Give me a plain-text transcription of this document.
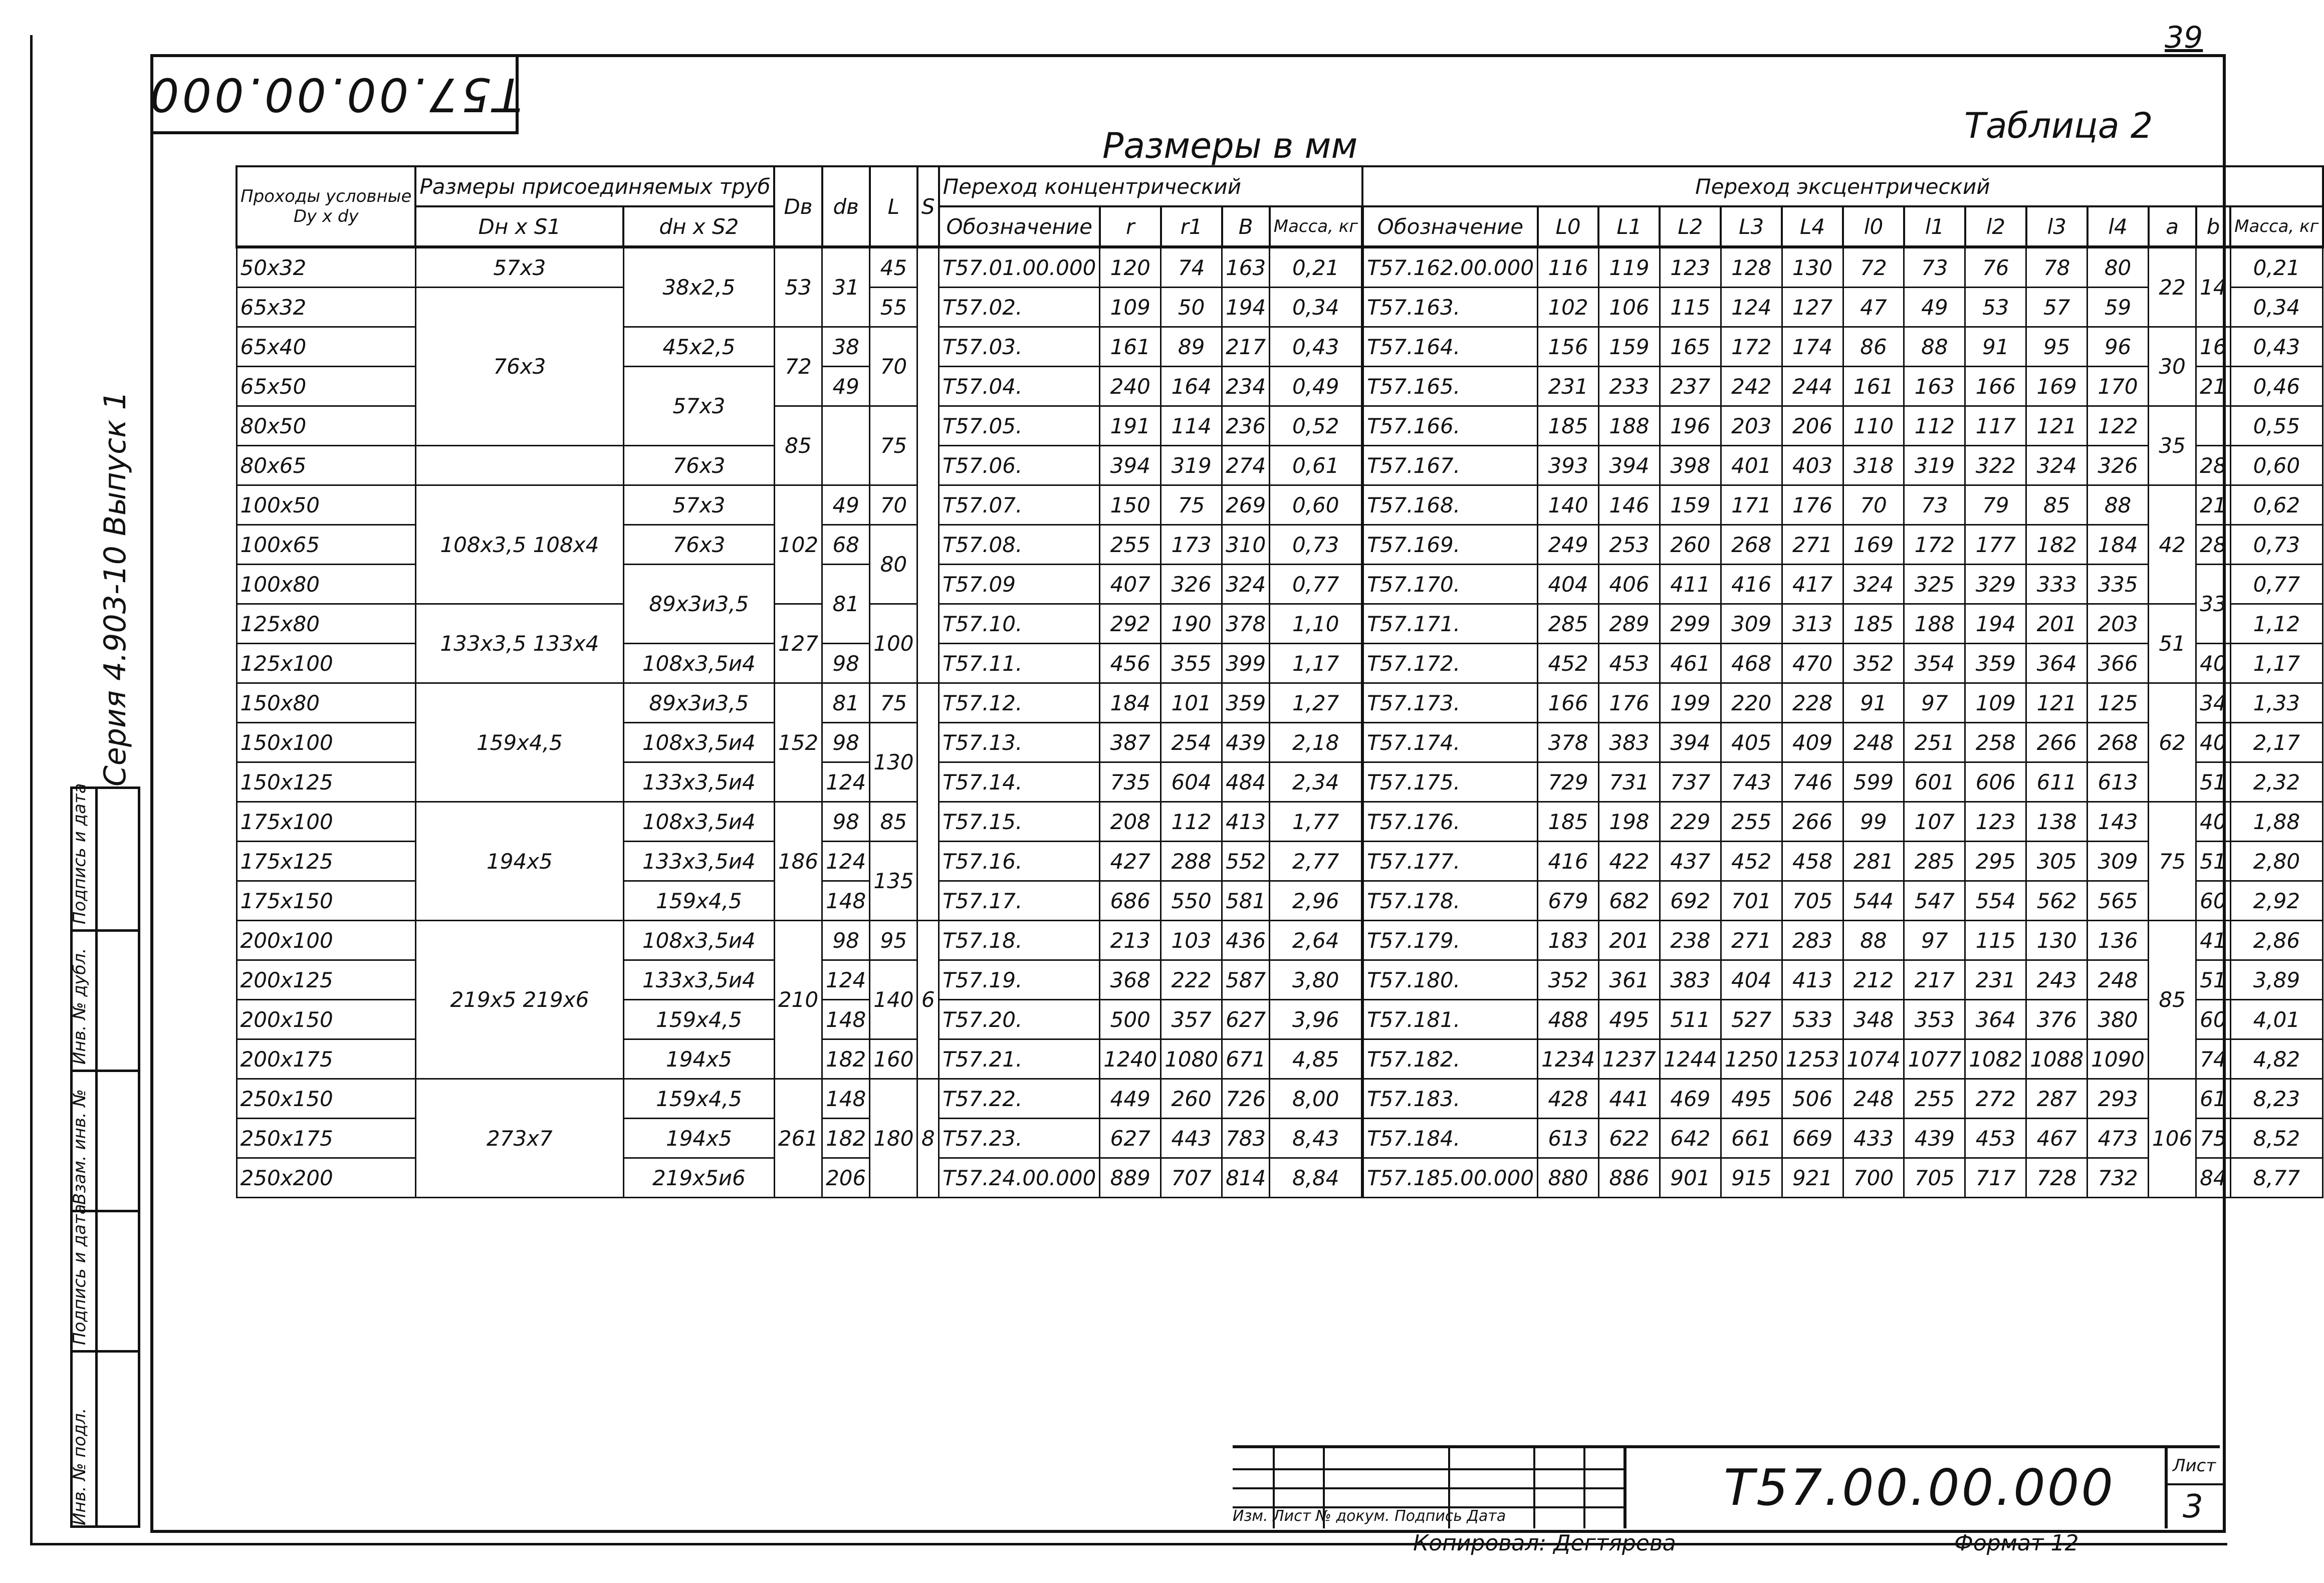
39
T57.00.00.000
Таблица 2
Размеры в мм
Инв. № подл.
Подпись и дата
Взам. инв. №
Инв. № дубл.
Подпись и дата
Серия 4.903-10 Выпуск 1
Проходы условные
Dy x dy	Размеры присоединяемых труб		Dв	dв	L	S	Переход концентрический					Переход эксцентрический													
	Dн x S1	dн x S2					Обозначение	r	r1	B	Масса, кг	Обозначение	L0	L1	L2	L3	L4	l0	l1	l2	l3	l4	a	b	Масса, кг
50x32	57x3	38x2,5	53	31	45		T57.01.00.000	120	74	163	0,21	T57.162.00.000	116	119	123	128	130	72	73	76	78	80	22	14	0,21
65x32	76x3				55		T57.02.	109	50	194	0,34	T57.163.	102	106	115	124	127	47	49	53	57	59			0,34
65x40		45x2,5	72	38	70		T57.03.	161	89	217	0,43	T57.164.	156	159	165	172	174	86	88	91	95	96	30	16	0,43
65x50		57x3		49			T57.04.	240	164	234	0,49	T57.165.	231	233	237	242	244	161	163	166	169	170		21	0,46
80x50			85		75		T57.05.	191	114	236	0,52	T57.166.	185	188	196	203	206	110	112	117	121	122	35		0,55
80x65		76x3					T57.06.	394	319	274	0,61	T57.167.	393	394	398	401	403	318	319	322	324	326		28	0,60
100x50	108x3,5 108x4	57x3	102	49	70		T57.07.	150	75	269	0,60	T57.168.	140	146	159	171	176	70	73	79	85	88	42	21	0,62
100x65		76x3		68	80		T57.08.	255	173	310	0,73	T57.169.	249	253	260	268	271	169	172	177	182	184		28	0,73
100x80		89x3и3,5		81			T57.09	407	326	324	0,77	T57.170.	404	406	411	416	417	324	325	329	333	335		33	0,77
125x80	133x3,5 133x4		127		100		T57.10.	292	190	378	1,10	T57.171.	285	289	299	309	313	185	188	194	201	203	51		1,12
125x100		108x3,5и4		98			T57.11.	456	355	399	1,17	T57.172.	452	453	461	468	470	352	354	359	364	366		40	1,17
150x80	159x4,5	89x3и3,5	152	81	75		T57.12.	184	101	359	1,27	T57.173.	166	176	199	220	228	91	97	109	121	125	62	34	1,33
150x100		108x3,5и4		98	130		T57.13.	387	254	439	2,18	T57.174.	378	383	394	405	409	248	251	258	266	268		40	2,17
150x125		133x3,5и4		124			T57.14.	735	604	484	2,34	T57.175.	729	731	737	743	746	599	601	606	611	613		51	2,32
175x100	194x5	108x3,5и4	186	98	85		T57.15.	208	112	413	1,77	T57.176.	185	198	229	255	266	99	107	123	138	143	75	40	1,88
175x125		133x3,5и4		124	135		T57.16.	427	288	552	2,77	T57.177.	416	422	437	452	458	281	285	295	305	309		51	2,80
175x150		159x4,5		148			T57.17.	686	550	581	2,96	T57.178.	679	682	692	701	705	544	547	554	562	565		60	2,92
200x100	219x5 219x6	108x3,5и4	210	98	95	6	T57.18.	213	103	436	2,64	T57.179.	183	201	238	271	283	88	97	115	130	136	85	41	2,86
200x125		133x3,5и4		124	140		T57.19.	368	222	587	3,80	T57.180.	352	361	383	404	413	212	217	231	243	248		51	3,89
200x150		159x4,5		148			T57.20.	500	357	627	3,96	T57.181.	488	495	511	527	533	348	353	364	376	380		60	4,01
200x175		194x5		182	160		T57.21.	1240	1080	671	4,85	T57.182.	1234	1237	1244	1250	1253	1074	1077	1082	1088	1090		74	4,82
250x150	273x7	159x4,5	261	148	180	8	T57.22.	449	260	726	8,00	T57.183.	428	441	469	495	506	248	255	272	287	293	106	61	8,23
250x175		194x5		182			T57.23.	627	443	783	8,43	T57.184.	613	622	642	661	669	433	439	453	467	473		75	8,52
250x200		219x5и6		206			T57.24.00.000	889	707	814	8,84	T57.185.00.000	880	886	901	915	921	700	705	717	728	732		84	8,77
Изм. Лист № докум. Подпись Дата	T57.00.00.000	Лист
3
Копировал: Дегтярева	Формат 12
